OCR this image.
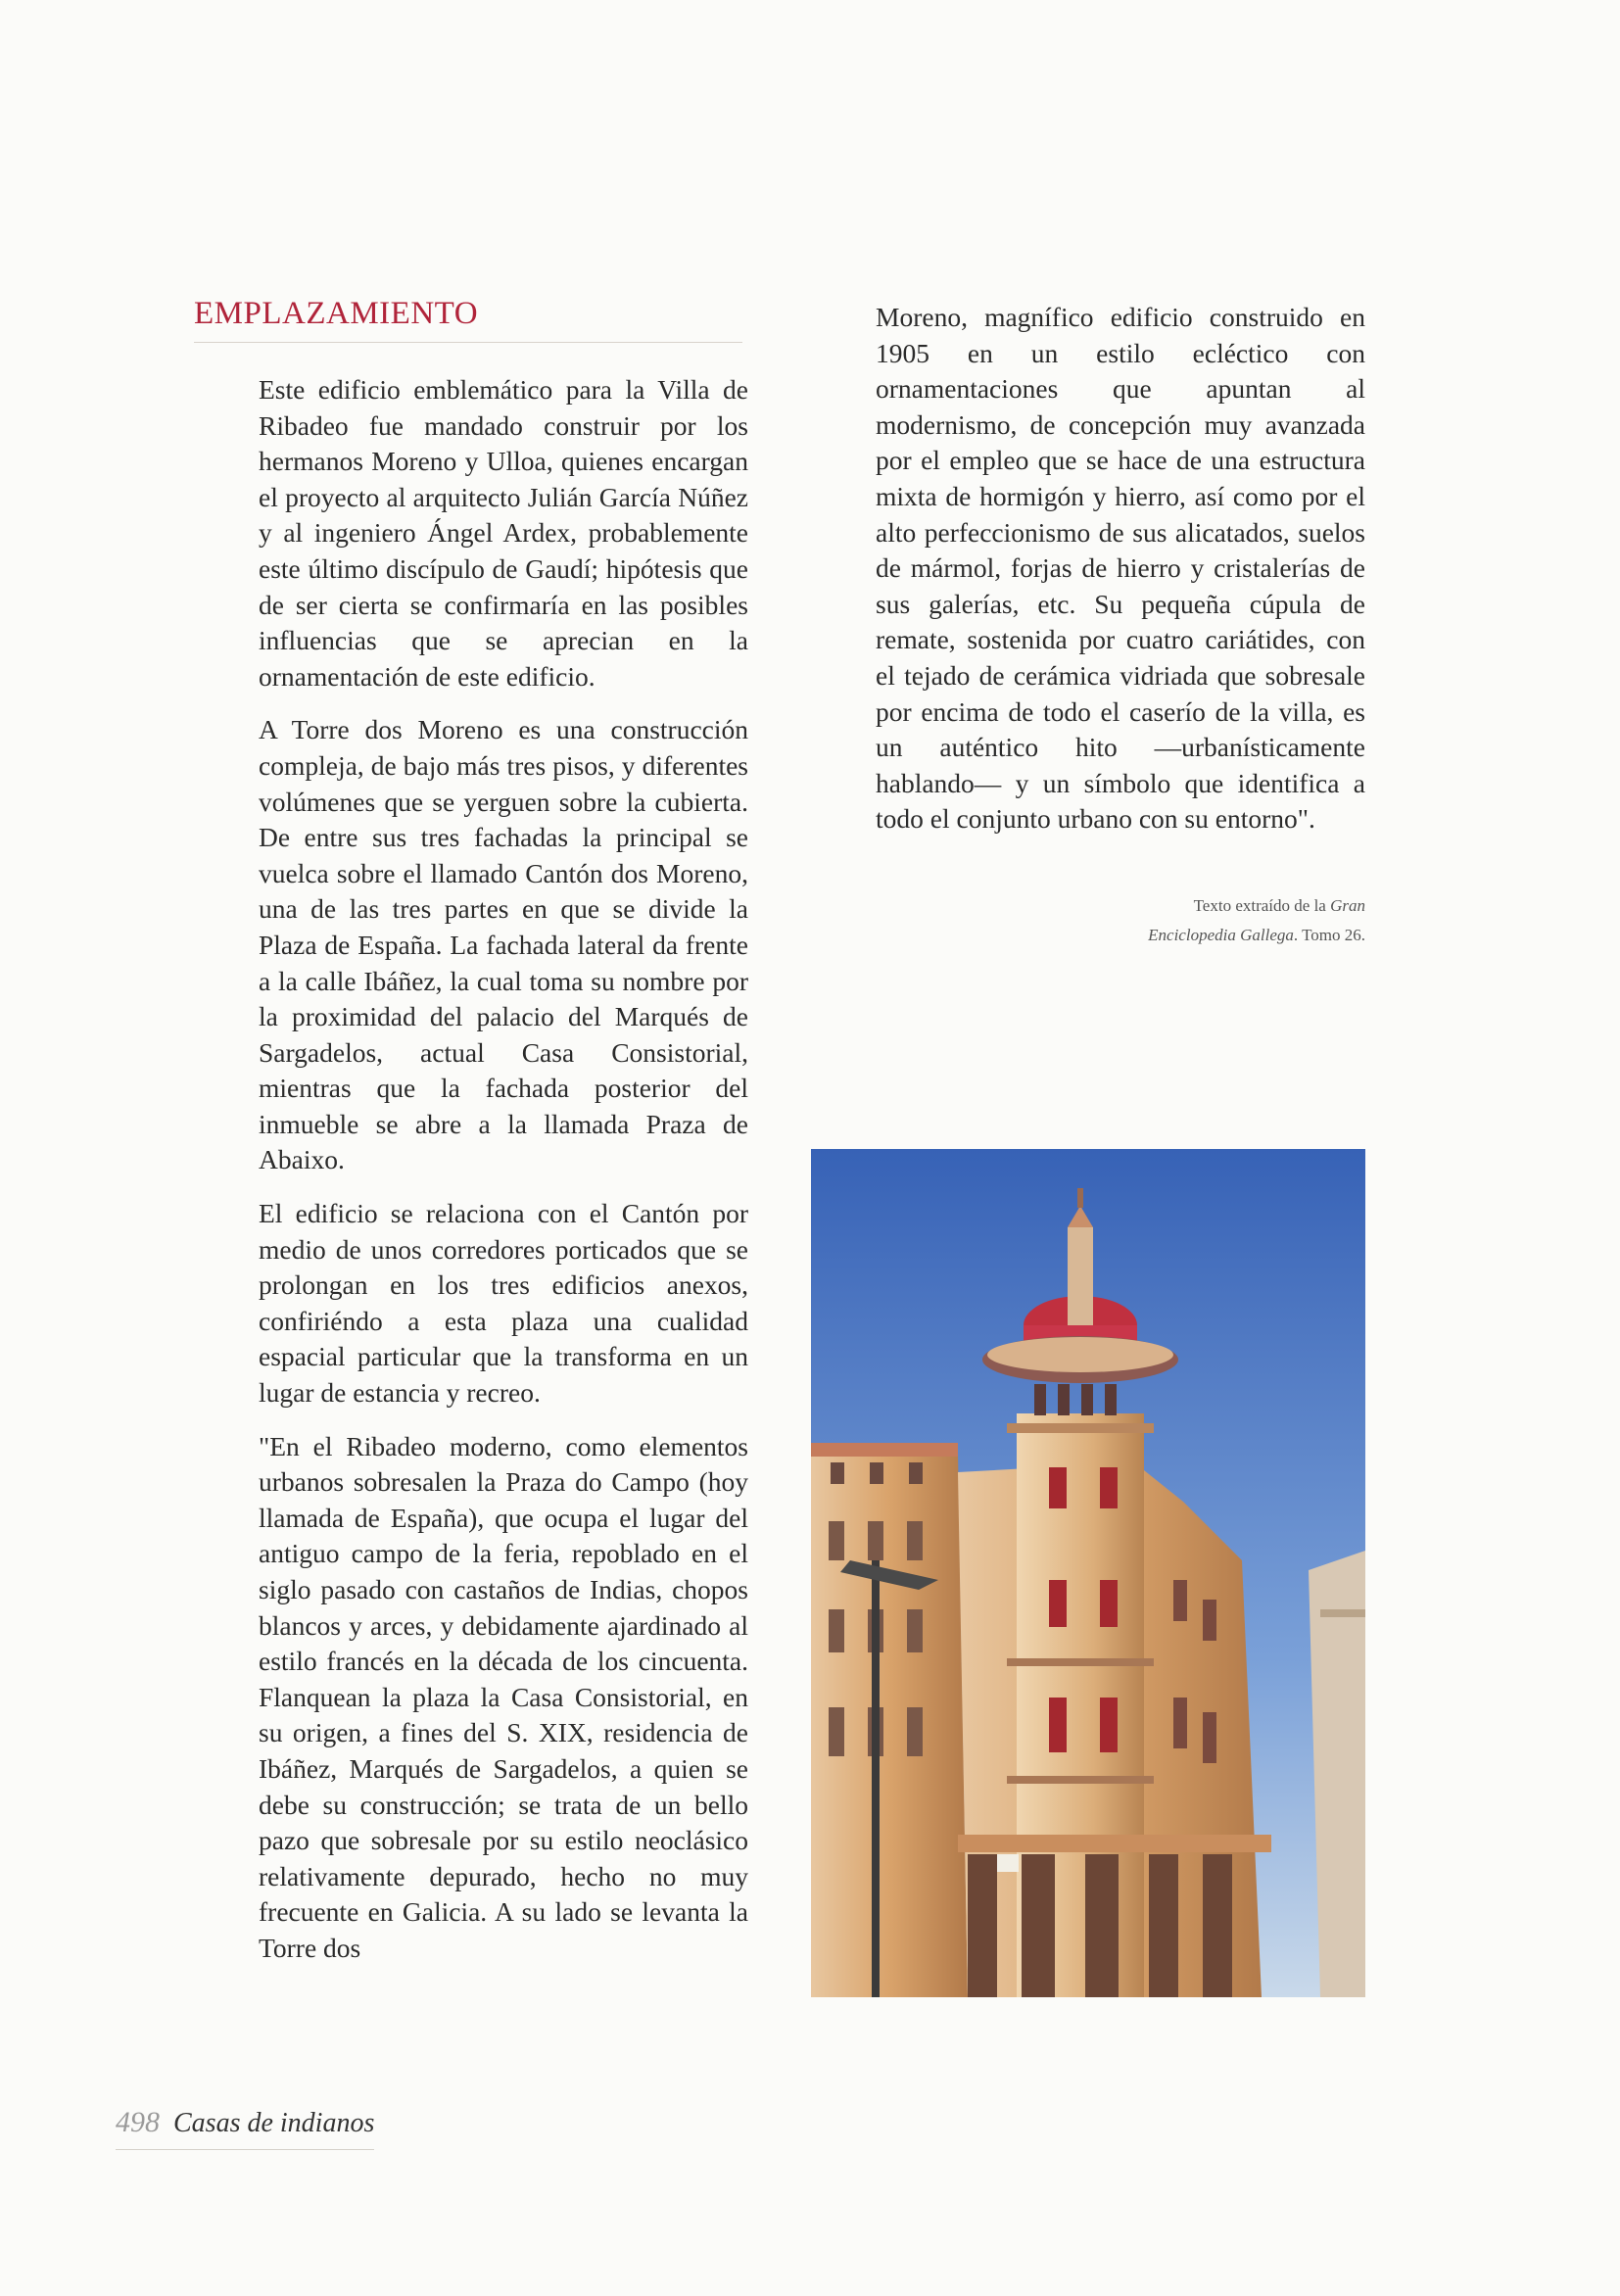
EMPLAZAMIENTO

Este edificio emblemático para la Villa de Ribadeo fue mandado construir por los hermanos Moreno y Ulloa, quienes encargan el proyecto al arquitecto Julián García Núñez y al ingeniero Ángel Ardex, probablemente este último discípulo de Gaudí; hipótesis que de ser cierta se confirmaría en las posibles influencias que se aprecian en la ornamentación de este edificio.

A Torre dos Moreno es una construcción compleja, de bajo más tres pisos, y diferentes volúmenes que se yerguen sobre la cubierta. De entre sus tres fachadas la principal se vuelca sobre el llamado Cantón dos Moreno, una de las tres partes en que se divide la Plaza de España. La fachada lateral da frente a la calle Ibáñez, la cual toma su nombre por la proximidad del palacio del Marqués de Sargadelos, actual Casa Consistorial, mientras que la fachada posterior del inmueble se abre a la llamada Praza de Abaixo.

El edificio se relaciona con el Cantón por medio de unos corredores porticados que se prolongan en los tres edificios anexos, confiriéndo a esta plaza una cualidad espacial particular que la transforma en un lugar de estancia y recreo.

"En el Ribadeo moderno, como elementos urbanos sobresalen la Praza do Campo (hoy llamada de España), que ocupa el lugar del antiguo campo de la feria, repoblado en el siglo pasado con castaños de Indias, chopos blancos y arces, y debidamente ajardinado al estilo francés en la década de los cincuenta. Flanquean la plaza la Casa Consistorial, en su origen, a fines del S. XIX, residencia de Ibáñez, Marqués de Sargadelos, a quien se debe su construcción; se trata de un bello pazo que sobresale por su estilo neoclásico relativamente depurado, hecho no muy frecuente en Galicia. A su lado se levanta la Torre dos

Moreno, magnífico edificio construido en 1905 en un estilo ecléctico con ornamentaciones que apuntan al modernismo, de concepción muy avanzada por el empleo que se hace de una estructura mixta de hormigón y hierro, así como por el alto perfeccionismo de sus alicatados, suelos de mármol, forjas de hierro y cristalerías de sus galerías, etc. Su pequeña cúpula de remate, sostenida por cuatro cariátides, con el tejado de cerámica vidriada que sobresale por encima de todo el caserío de la villa, es un auténtico hito —urbanísticamente hablando— y un símbolo que identifica a todo el conjunto urbano con su entorno".

Texto extraído de la Gran
Enciclopedia Gallega. Tomo 26.
498 Casas de indianos
